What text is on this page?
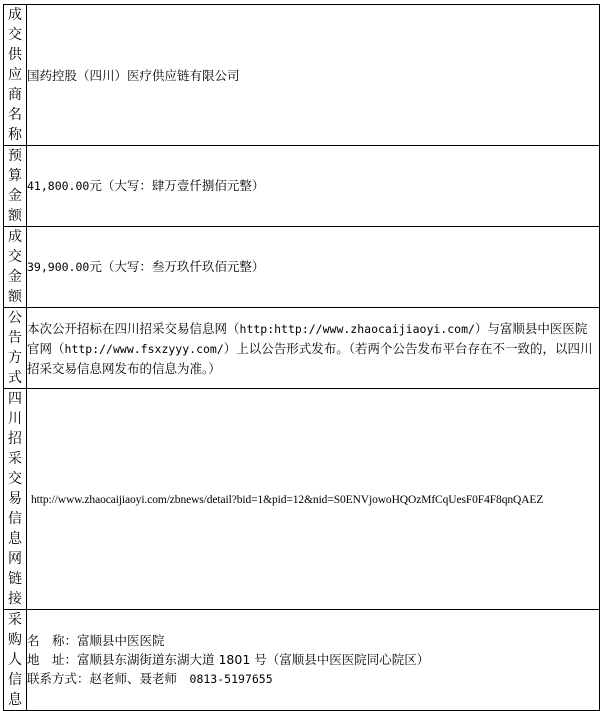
成交供应商名称	国药控股（四川）医疗供应链有限公司
预算金额	41,800.00元（大写：肆万壹仟捌佰元整）
成交金额	39,900.00元（大写：叁万玖仟玖佰元整）
公告方式	本次公开招标在四川招采交易信息网（http:http://www.zhaocaijiaoyi.com/）与富顺县中医医院官网（http://www.fsxzyyy.com/）上以公告形式发布。（若两个公告发布平台存在不一致的，以四川招采交易信息网发布的信息为准。）
四川招采交易信息网链接	http://www.zhaocaijiaoyi.com/zbnews/detail?bid=1&pid=12&nid=S0ENVjowoHQOzMfCqUesF0F4F8qnQAEZ
采购人信息	名　称：富顺县中医医院
地　址：富顺县东湖街道东湖大道 1801 号（富顺县中医医院同心院区）
联系方式：赵老师、聂老师　 0813-5197655
